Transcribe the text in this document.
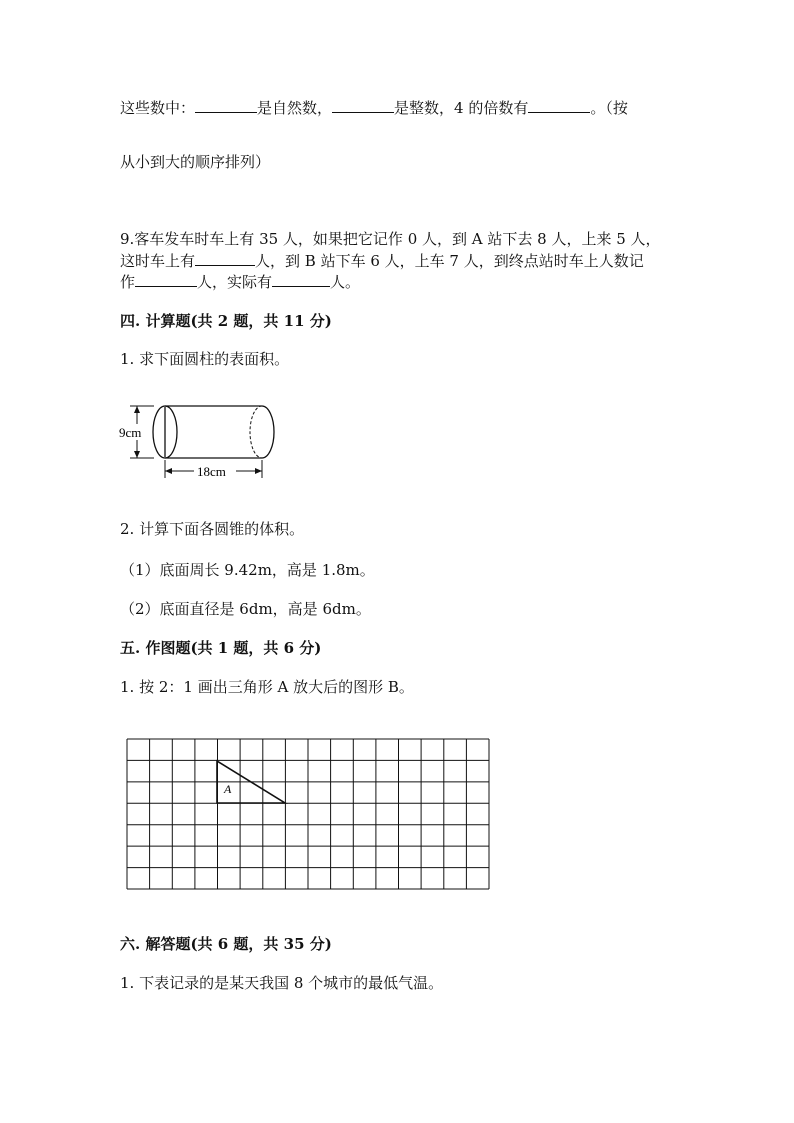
这些数中：	是自然数，	是整数，4 的倍数有	。（按
从小到大的顺序排列）
9.客车发车时车上有 35 人，如果把它记作 0 人，到 A 站下去 8 人，上来 5 人，
这时车上有	人，到 B 站下车 6 人，上车 7 人，到终点站时车上人数记
作	人，实际有	人。
四. 计算题(共 2 题，共 11 分)
1. 求下面圆柱的表面积。
9cm
18cm
2. 计算下面各圆锥的体积。
（1）底面周长 9.42m，高是 1.8m。
（2）底面直径是 6dm，高是 6dm。
五. 作图题(共 1 题，共 6 分)
1. 按 2：1 画出三角形 A 放大后的图形 B。
A
六. 解答题(共 6 题，共 35 分)
1. 下表记录的是某天我国 8 个城市的最低气温。
